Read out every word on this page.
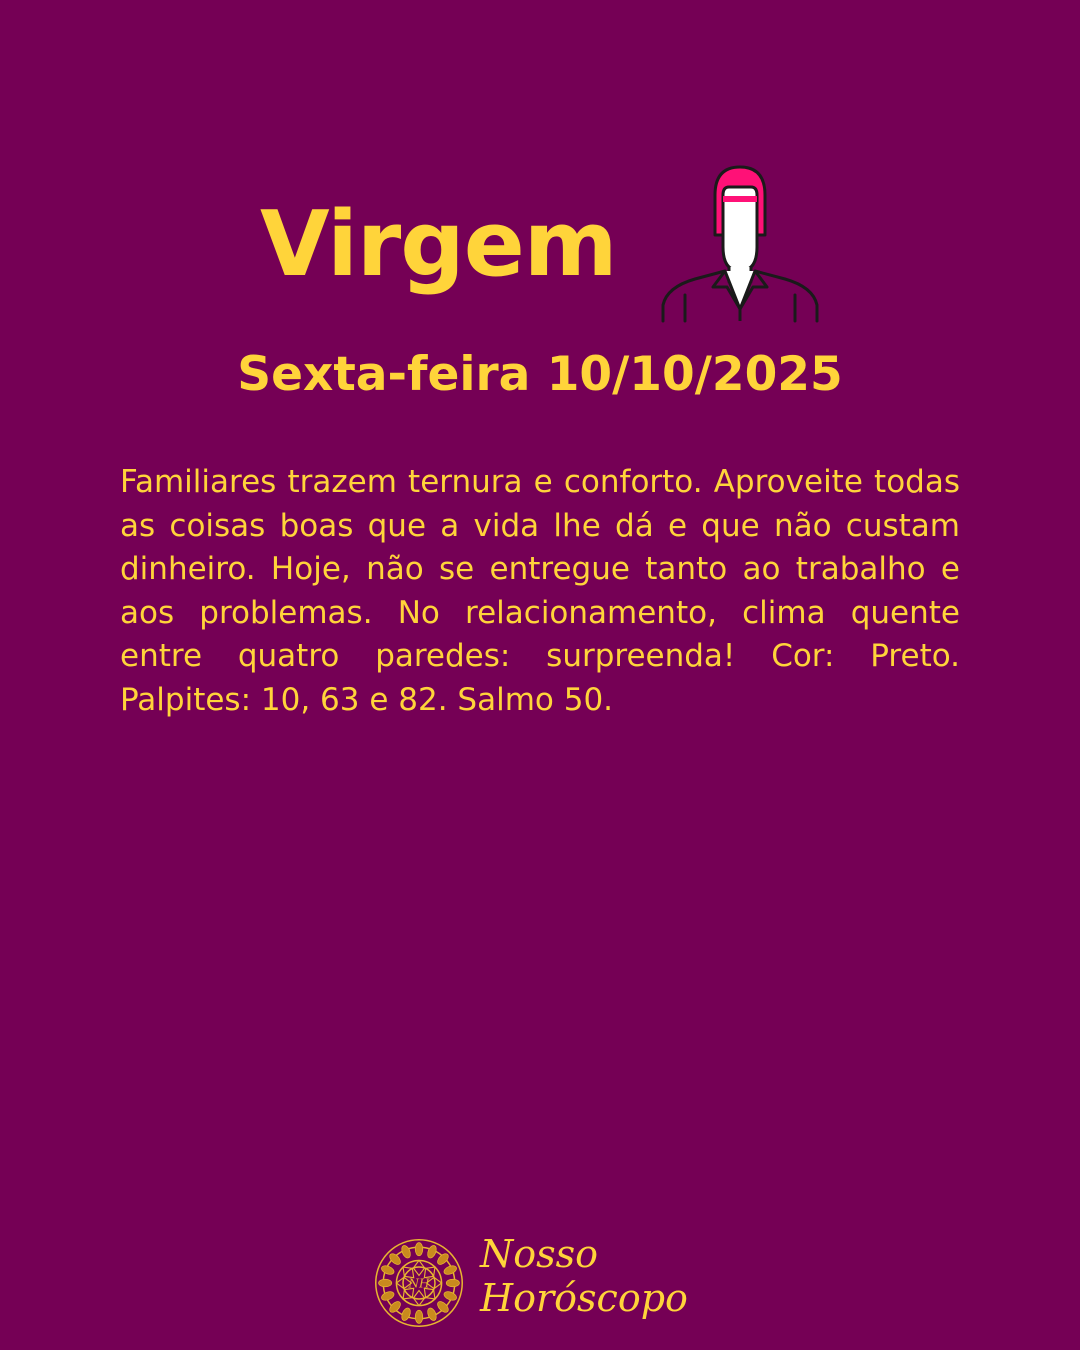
Virgem
Sexta-feira 10/10/2025

Familiares trazem ternura e conforto. Aproveite todas as coisas boas que a vida lhe dá e que não custam dinheiro. Hoje, não se entregue tanto ao trabalho e aos problemas. No relacionamento, clima quente entre quatro paredes: surpreenda! Cor: Preto. Palpites: 10, 63 e 82. Salmo 50.

NH
Nosso
Horóscopo
